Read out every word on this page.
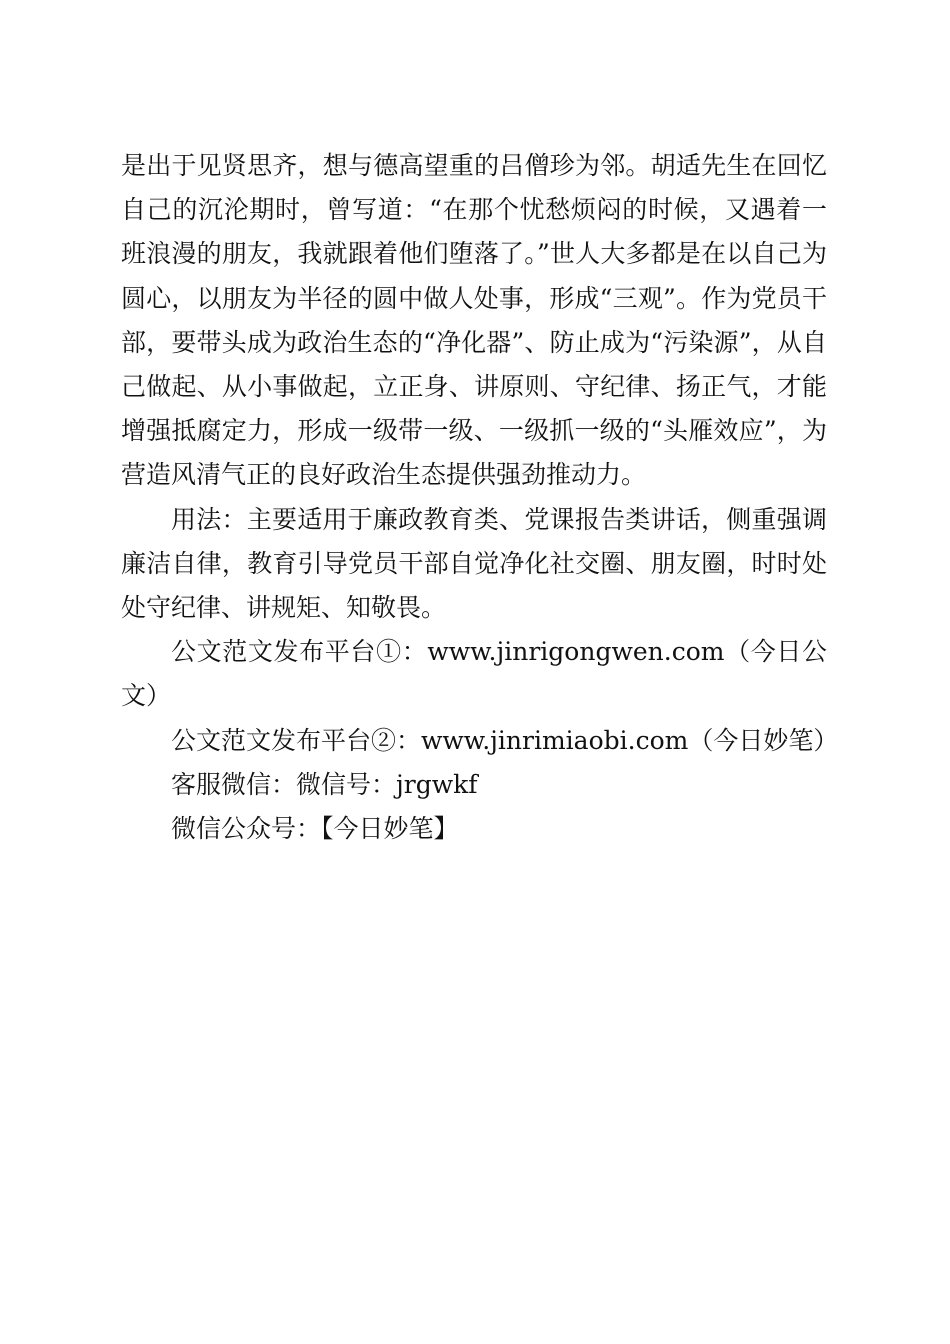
是出于见贤思齐，想与德高望重的吕僧珍为邻。胡适先生在回忆自己的沉沦期时，曾写道：“在那个忧愁烦闷的时候，又遇着一班浪漫的朋友，我就跟着他们堕落了。”世人大多都是在以自己为圆心，以朋友为半径的圆中做人处事，形成“三观”。作为党员干部，要带头成为政治生态的“净化器”、防止成为“污染源”，从自己做起、从小事做起，立正身、讲原则、守纪律、扬正气，才能增强抵腐定力，形成一级带一级、一级抓一级的“头雁效应”，为营造风清气正的良好政治生态提供强劲推动力。

用法：主要适用于廉政教育类、党课报告类讲话，侧重强调廉洁自律，教育引导党员干部自觉净化社交圈、朋友圈，时时处处守纪律、讲规矩、知敬畏。

公文范文发布平台①：www.jinrigongwen.com（今日公文）

公文范文发布平台②：www.jinrimiaobi.com（今日妙笔）

客服微信：微信号：jrgwkf

微信公众号：【今日妙笔】
